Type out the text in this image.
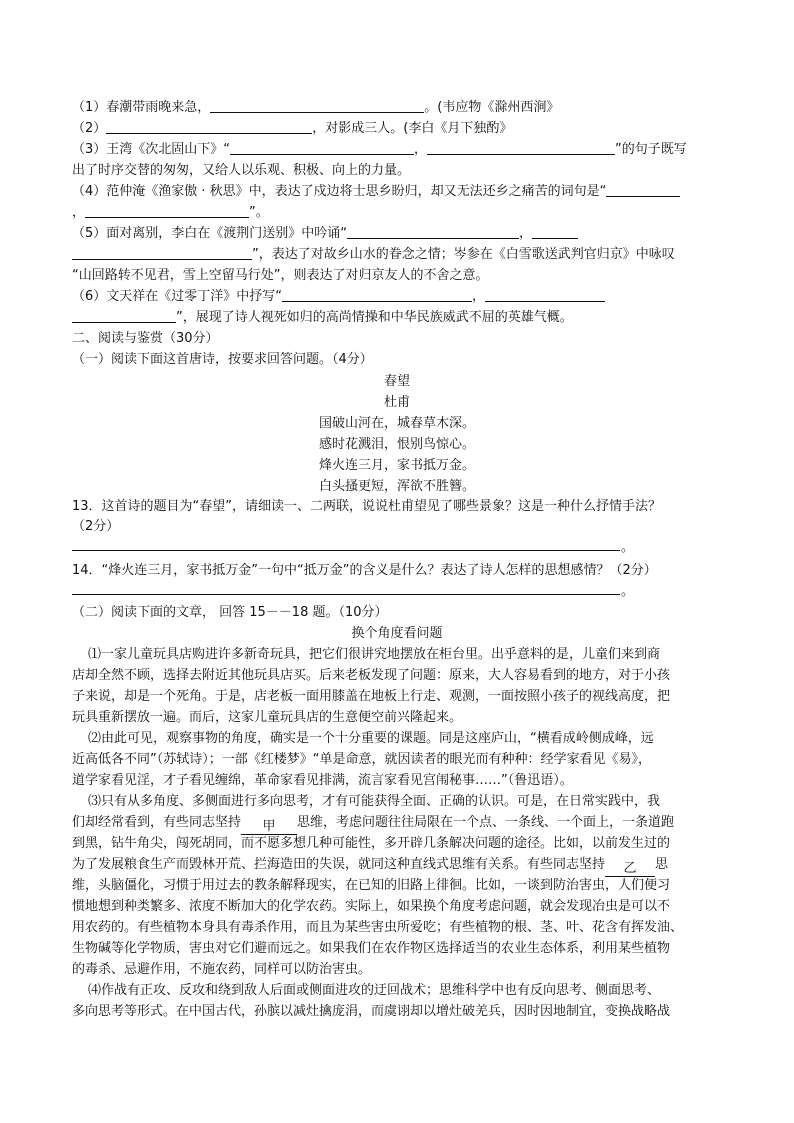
（1）春潮带雨晚来急，	。(韦应物《滁州西涧》
（2）	，对影成三人。(李白《月下独酌》
（3）王湾《次北固山下》“	，	”的句子既写
出了时序交替的匆匆，又给人以乐观、积极、向上的力量。
（4）范仲淹《渔家傲 · 秋思》中，表达了戍边将士思乡盼归，却又无法还乡之痛苦的词句是“
，	”。
（5）面对离别，李白在《渡荆门送别》中吟诵“	，
”，表达了对故乡山水的眷念之情；岑参在《白雪歌送武判官归京》中咏叹
“山回路转不见君，雪上空留马行处”，则表达了对归京友人的不舍之意。
（6）文天祥在《过零丁洋》中抒写“	，
”，展现了诗人视死如归的高尚情操和中华民族威武不屈的英雄气概。
二、阅读与鉴赏（30分）
（一）阅读下面这首唐诗，按要求回答问题。（4分）
春望
杜甫
国破山河在，城春草木深。
感时花溅泪，恨别鸟惊心。
烽火连三月，家书抵万金。
白头搔更短，浑欲不胜簪。
13．这首诗的题目为“春望”，请细读一、二两联，说说杜甫望见了哪些景象？这是一种什么抒情手法？
（2分）
。
14．“烽火连三月，家书抵万金”一句中“抵万金”的含义是什么？表达了诗人怎样的思想感情？（2分）
。
（二）阅读下面的文章， 回答 15－－18 题。（10分）
换个角度看问题
⑴一家儿童玩具店购进许多新奇玩具，把它们很讲究地摆放在柜台里。出乎意料的是，儿童们来到商
店却全然不顾，选择去附近其他玩具店买。后来老板发现了问题：原来，大人容易看到的地方，对于小孩
子来说，却是一个死角。于是，店老板一面用膝盖在地板上行走、观测，一面按照小孩子的视线高度，把
玩具重新摆放一遍。而后，这家儿童玩具店的生意便空前兴隆起来。
⑵由此可见，观察事物的角度，确实是一个十分重要的课题。同是这座庐山，“横看成岭侧成峰，远
近高低各不同”（苏轼诗）；一部《红楼梦》“单是命意，就因读者的眼光而有种种：经学家看见《易》，
道学家看见淫，才子看见缠绵，革命家看见排满，流言家看见宫闱秘事……”（鲁迅语）。
⑶只有从多角度、多侧面进行多向思考，才有可能获得全面、正确的认识。可是，在日常实践中，我
们却经常看到，有些同志坚持 甲 思维，考虑问题往往局限在一个点、一条线、一个面上，一条道跑
到黑，钻牛角尖，闯死胡同，而不愿多想几种可能性，多开辟几条解决问题的途径。比如，以前发生过的
为了发展粮食生产而毁林开荒、拦海造田的失误，就同这种直线式思维有关系。有些同志坚持 乙 思
维，头脑僵化，习惯于用过去的教条解释现实，在已知的旧路上徘徊。比如，一谈到防治害虫，人们便习
惯地想到种类繁多、浓度不断加大的化学农药。实际上，如果换个角度考虑问题，就会发现冶虫是可以不
用农药的。有些植物本身具有毒杀作用，而且为某些害虫所爱吃；有些植物的根、茎、叶、花含有挥发油、
生物碱等化学物质，害虫对它们避而远之。如果我们在农作物区选择适当的农业生态体系，利用某些植物
的毒杀、忌避作用，不施农药，同样可以防治害虫。
⑷作战有正攻、反攻和绕到敌人后面或侧面进攻的迂回战术；思维科学中也有反向思考、侧面思考、
多向思考等形式。在中国古代，孙膑以减灶擒庞涓，而虞诩却以增灶破羌兵，因时因地制宜，变换战略战
